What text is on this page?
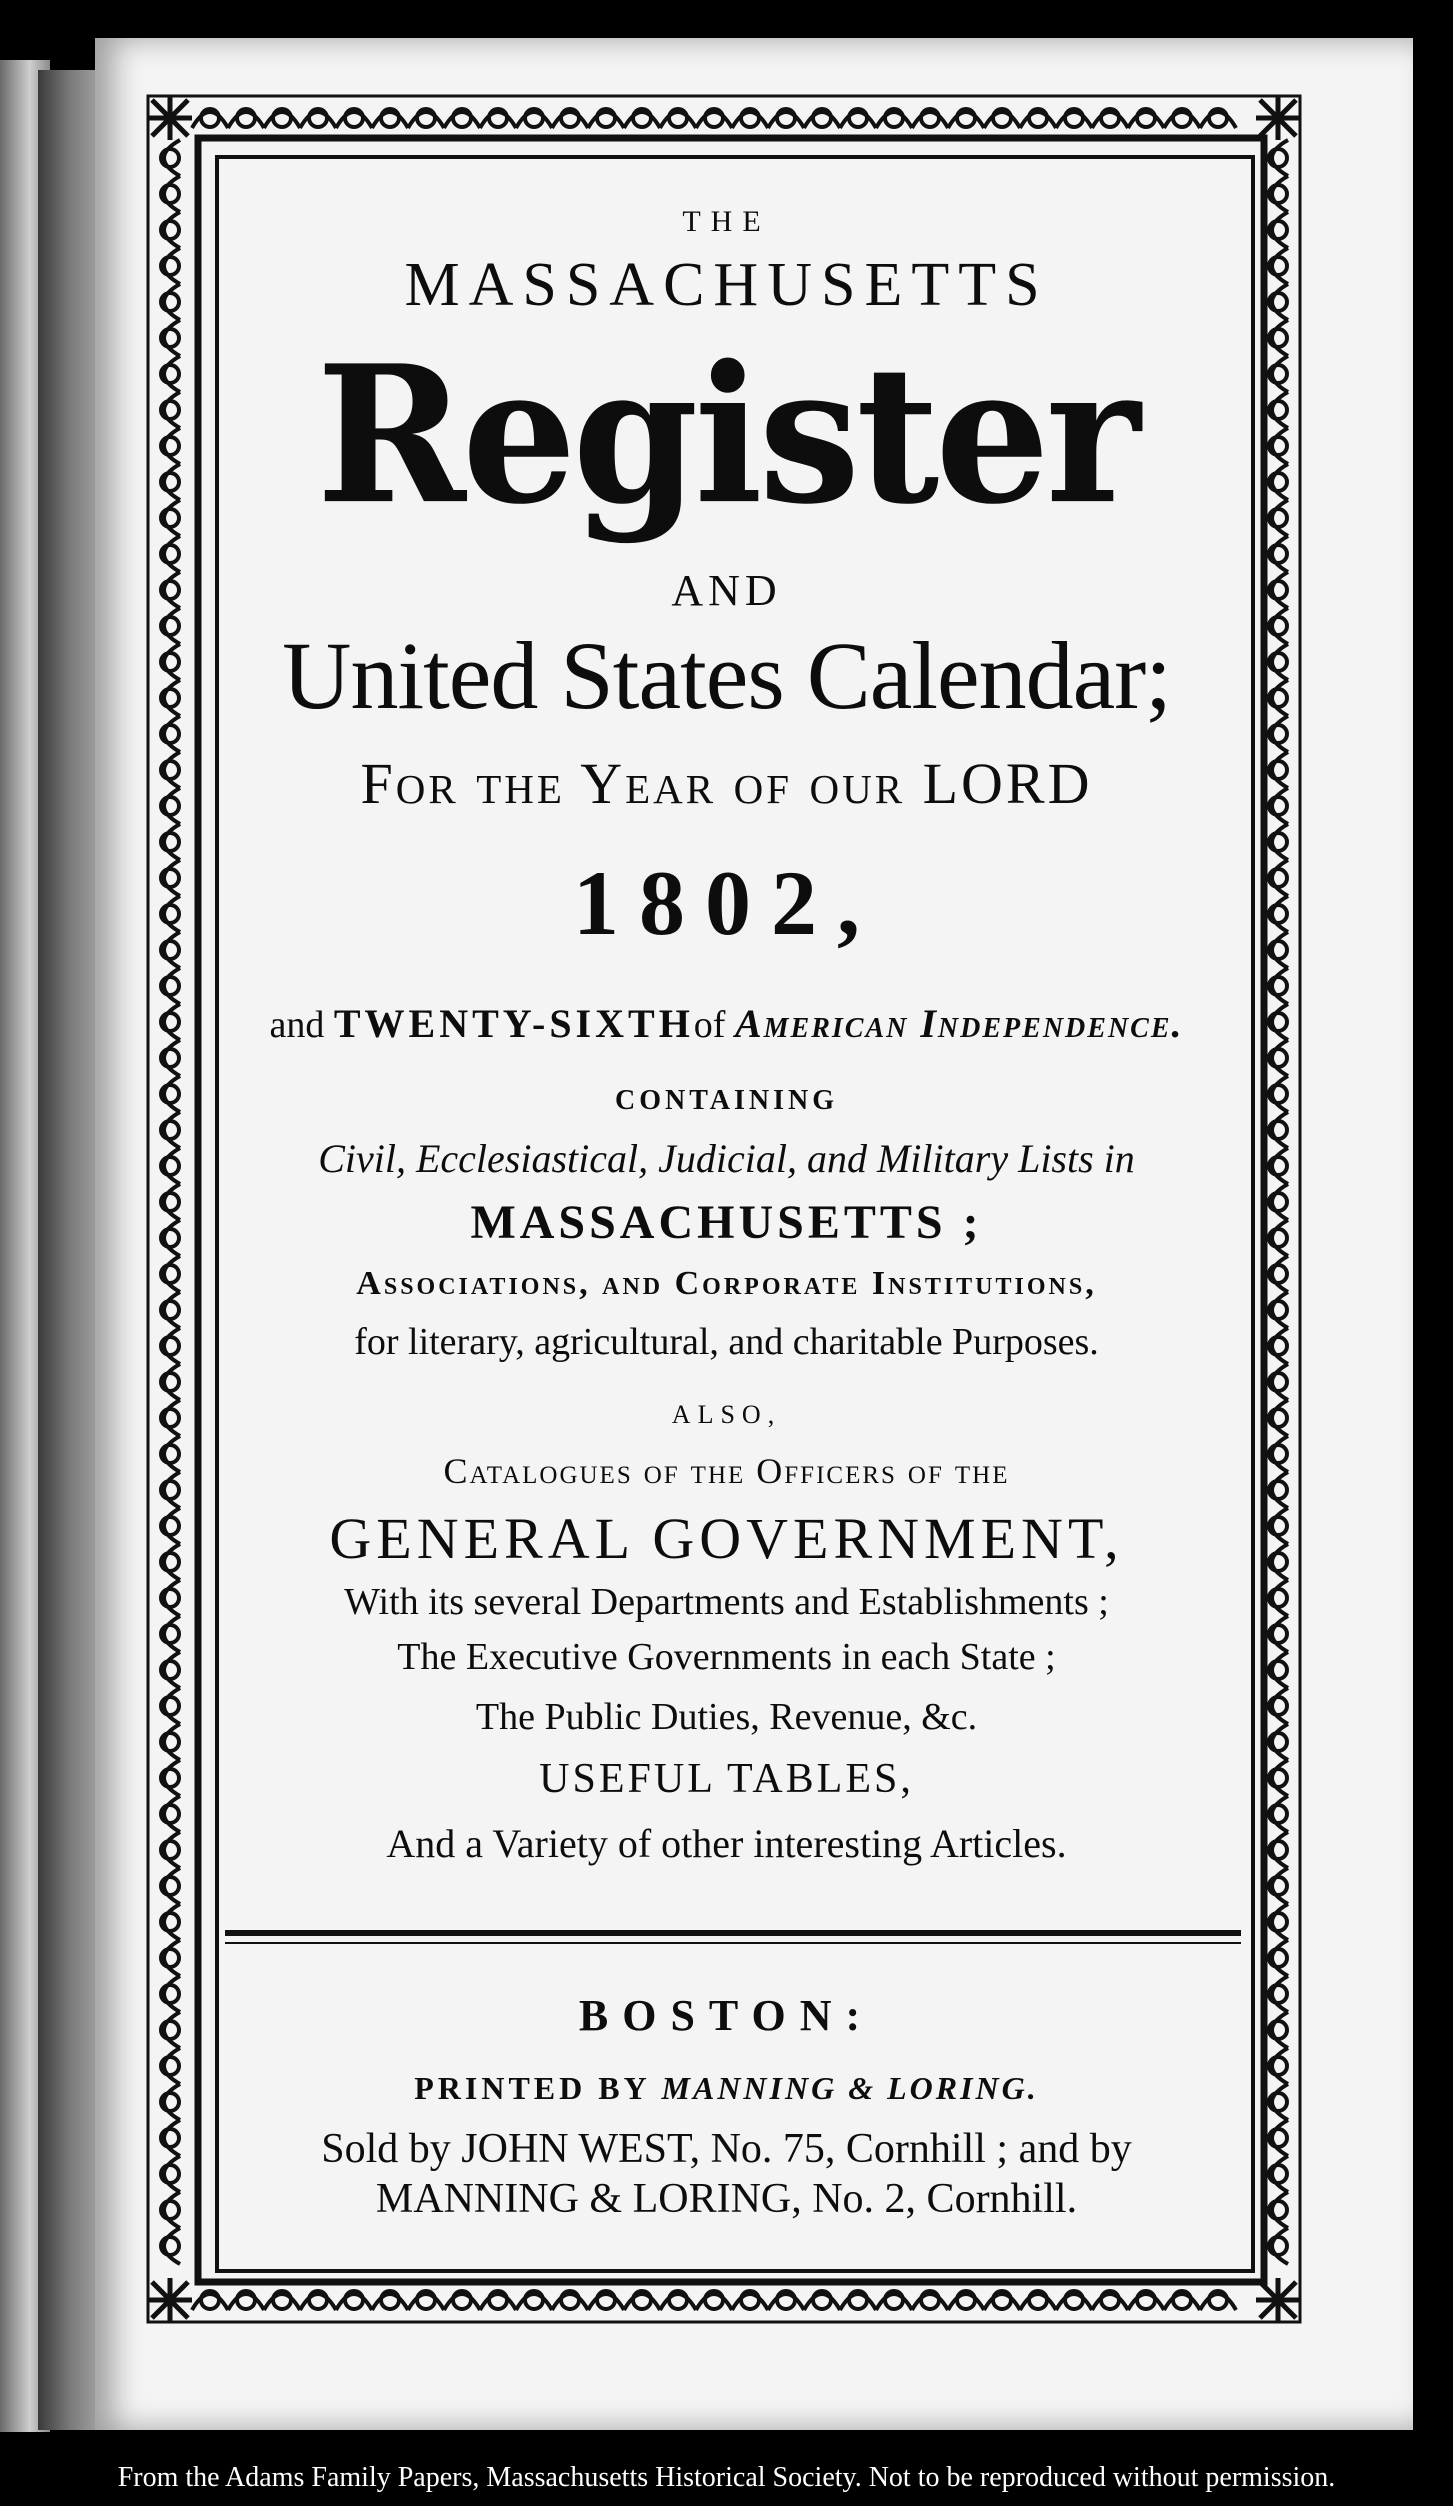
THE
MASSACHUSETTS
Register
AND
United States Calendar;
For the Year of our LORD
1802,
and TWENTY-SIXTHof American Independence.
CONTAINING
Civil, Ecclesiastical, Judicial, and Military Lists in
MASSACHUSETTS ;
Associations, and Corporate Institutions,
for literary, agricultural, and charitable Purposes.
ALSO,
Catalogues of the Officers of the
GENERAL GOVERNMENT,
With its several Departments and Establishments ;
The Executive Governments in each State ;
The Public Duties, Revenue, &c.
USEFUL TABLES,
And a Variety of other interesting Articles.
BOSTON:
PRINTED BY MANNING & LORING.
Sold by JOHN WEST, No. 75, Cornhill ; and by
MANNING & LORING, No. 2, Cornhill.
From the Adams Family Papers, Massachusetts Historical Society. Not to be reproduced without permission.
